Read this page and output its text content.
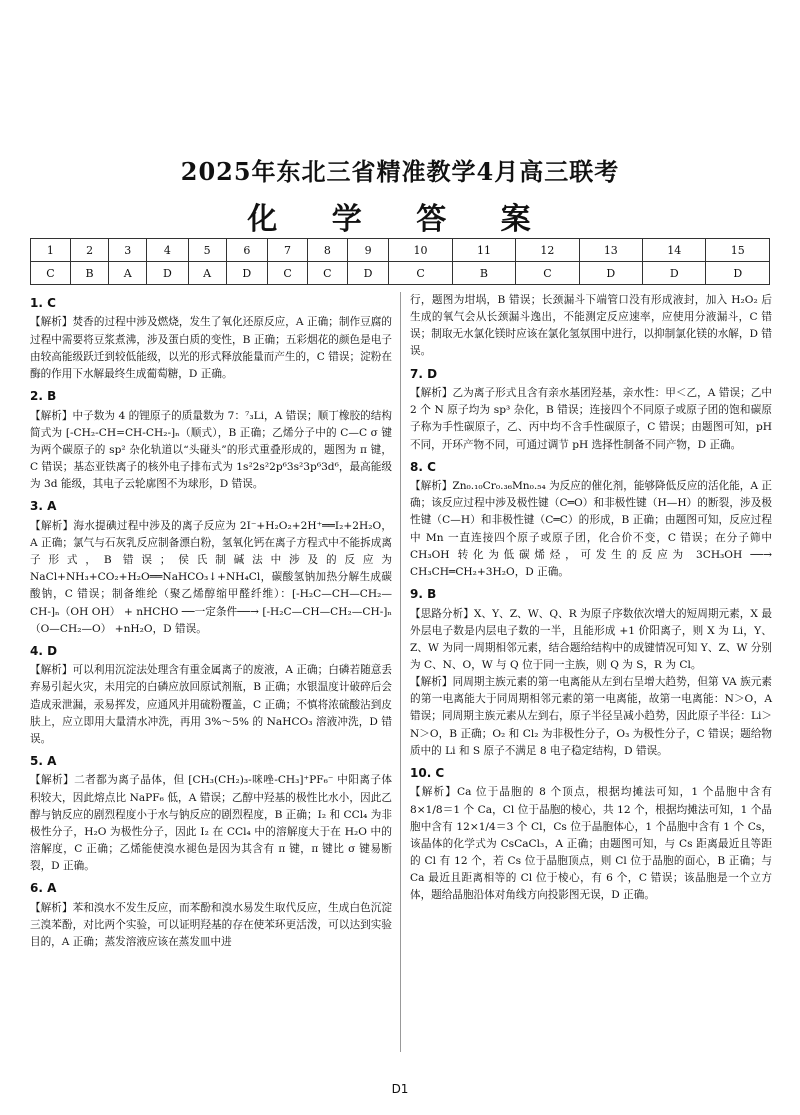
2025年东北三省精准教学4月高三联考
化 学 答 案
1	2	3	4	5	6	7	8	9	10	11	12	13	14	15
C	B	A	D	A	D	C	C	D	C	B	C	D	D	D
1. C
【解析】焚香的过程中涉及燃烧，发生了氧化还原反应，A 正确；制作豆腐的过程中需要将豆浆煮沸，涉及蛋白质的变性，B 正确；五彩烟花的颜色是电子由较高能级跃迁到较低能级，以光的形式释放能量而产生的，C 错误；淀粉在酶的作用下水解最终生成葡萄糖，D 正确。
2. B
【解析】中子数为 4 的锂原子的质量数为 7：⁷₃Li，A 错误；顺丁橡胶的结构简式为 [-CH₂-CH=CH-CH₂-]ₙ（顺式），B 正确；乙烯分子中的 C—C σ 键为两个碳原子的 sp² 杂化轨道以“头碰头”的形式重叠形成的，题图为 π 键，C 错误；基态亚铁离子的核外电子排布式为 1s²2s²2p⁶3s²3p⁶3d⁶，最高能级为 3d 能级，其电子云轮廓图不为球形，D 错误。
3. A
【解析】海水提碘过程中涉及的离子反应为 2I⁻+H₂O₂+2H⁺══I₂+2H₂O，A 正确；氯气与石灰乳反应制备漂白粉，氢氧化钙在离子方程式中不能拆成离子形式，B 错误；侯氏制碱法中涉及的反应为 NaCl+NH₃+CO₂+H₂O══NaHCO₃↓+NH₄Cl，碳酸氢钠加热分解生成碳酸钠，C 错误；制备维纶（聚乙烯醇缩甲醛纤维）：[-H₂C—CH—CH₂—CH-]ₙ（OH OH） + nHCHO ──一定条件──→ [-H₂C—CH—CH₂—CH-]ₙ（O—CH₂—O） +nH₂O，D 错误。
4. D
【解析】可以利用沉淀法处理含有重金属离子的废液，A 正确；白磷若随意丢弃易引起火灾，未用完的白磷应放回原试剂瓶，B 正确；水银温度计破碎后会造成汞泄漏，汞易挥发，应通风并用硫粉覆盖，C 正确；不慎将浓硫酸沾到皮肤上，应立即用大量清水冲洗，再用 3%～5% 的 NaHCO₃ 溶液冲洗，D 错误。
5. A
【解析】二者都为离子晶体，但 [CH₃(CH₂)₃-咪唑-CH₃]⁺PF₆⁻ 中阳离子体积较大，因此熔点比 NaPF₆ 低，A 错误；乙醇中羟基的极性比水小，因此乙醇与钠反应的剧烈程度小于水与钠反应的剧烈程度，B 正确；I₂ 和 CCl₄ 为非极性分子，H₂O 为极性分子，因此 I₂ 在 CCl₄ 中的溶解度大于在 H₂O 中的溶解度，C 正确；乙烯能使溴水褪色是因为其含有 π 键，π 键比 σ 键易断裂，D 正确。
6. A
【解析】苯和溴水不发生反应，而苯酚和溴水易发生取代反应，生成白色沉淀三溴苯酚，对比两个实验，可以证明羟基的存在使苯环更活泼，可以达到实验目的，A 正确；蒸发溶液应该在蒸发皿中进
行，题图为坩埚，B 错误；长颈漏斗下端管口没有形成液封，加入 H₂O₂ 后生成的氧气会从长颈漏斗逸出，不能测定反应速率，应使用分液漏斗，C 错误；制取无水氯化镁时应该在氯化氢氛围中进行，以抑制氯化镁的水解，D 错误。
7. D
【解析】乙为离子形式且含有亲水基团羟基，亲水性：甲＜乙，A 错误；乙中 2 个 N 原子均为 sp³ 杂化，B 错误；连接四个不同原子或原子团的饱和碳原子称为手性碳原子，乙、丙中均不含手性碳原子，C 错误；由题图可知，pH 不同，开环产物不同，可通过调节 pH 选择性制备不同产物，D 正确。
8. C
【解析】Zn₀.₁₀Cr₀.₃₆Mn₀.₅₄ 为反应的催化剂，能够降低反应的活化能，A 正确；该反应过程中涉及极性键（C═O）和非极性键（H—H）的断裂，涉及极性键（C—H）和非极性键（C═C）的形成，B 正确；由题图可知，反应过程中 Mn 一直连接四个原子或原子团，化合价不变，C 错误；在分子筛中 CH₃OH 转化为低碳烯烃，可发生的反应为 3CH₃OH ──→ CH₃CH═CH₂+3H₂O，D 正确。
9. B
【思路分析】X、Y、Z、W、Q、R 为原子序数依次增大的短周期元素，X 最外层电子数是内层电子数的一半，且能形成 +1 价阳离子，则 X 为 Li，Y、Z、W 为同一周期相邻元素，结合题给结构中的成键情况可知 Y、Z、W 分别为 C、N、O，W 与 Q 位于同一主族，则 Q 为 S，R 为 Cl。
【解析】同周期主族元素的第一电离能从左到右呈增大趋势，但第 VA 族元素的第一电离能大于同周期相邻元素的第一电离能，故第一电离能：N＞O，A 错误；同周期主族元素从左到右，原子半径呈减小趋势，因此原子半径：Li＞N＞O，B 正确；O₂ 和 Cl₂ 为非极性分子，O₃ 为极性分子，C 错误；题给物质中的 Li 和 S 原子不满足 8 电子稳定结构，D 错误。
10. C
【解析】Ca 位于晶胞的 8 个顶点，根据均摊法可知，1 个晶胞中含有 8×1/8＝1 个 Ca，Cl 位于晶胞的棱心，共 12 个，根据均摊法可知，1 个晶胞中含有 12×1/4＝3 个 Cl，Cs 位于晶胞体心，1 个晶胞中含有 1 个 Cs，该晶体的化学式为 CsCaCl₃，A 正确；由题图可知，与 Cs 距离最近且等距的 Cl 有 12 个，若 Cs 位于晶胞顶点，则 Cl 位于晶胞的面心，B 正确；与 Ca 最近且距离相等的 Cl 位于棱心，有 6 个，C 错误；该晶胞是一个立方体，题给晶胞沿体对角线方向投影图无误，D 正确。
D1
